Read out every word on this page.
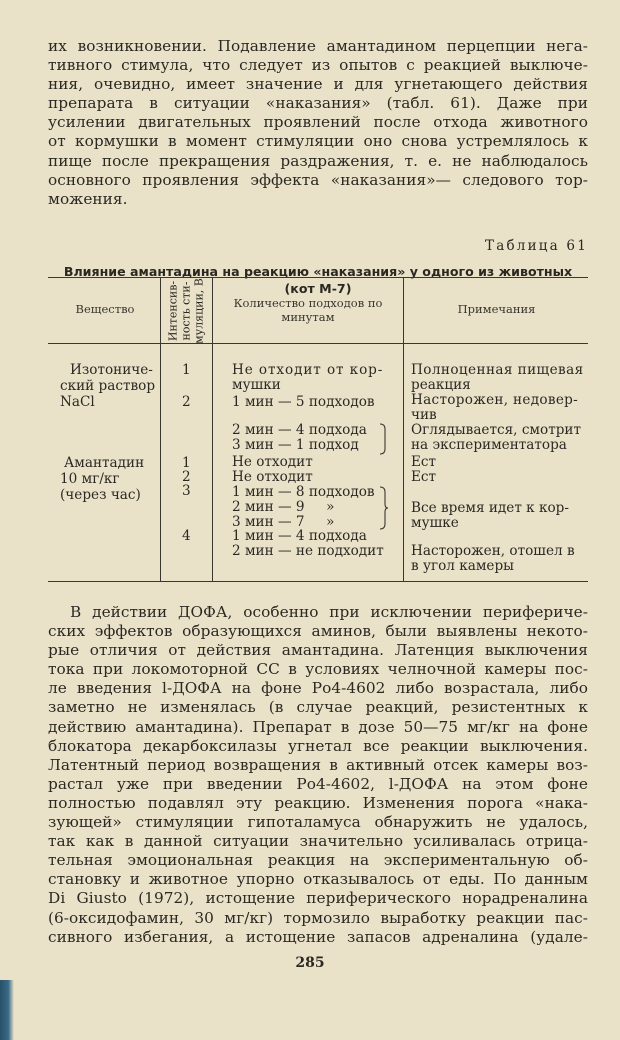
их возникновении. Подавление амантадином перцепции нега-
тивного стимула, что следует из опытов с реакцией выключе-
ния, очевидно, имеет значение и для угнетающего действия
препарата в ситуации «наказания» (табл. 61). Даже при
усилении двигательных проявлений после отхода животного
от кормушки в момент стимуляции оно снова устремлялось к
пище после прекращения раздражения, т. е. не наблюдалось
основного проявления эффекта «наказания»— следового тор-
можения.

Таблица 61

Влияние амантадина на реакцию «наказания» у одного из животных
(кот М-7)

Вещество	Интенсив-
ность сти-
муляции, В

Количество подходов по
минутам

Примечания

Изотониче-

ский раствор

NaCl

Амантадин

10 мг/кг

(через час)

1

2

1

2

3

4

Не отходит от кор-

мушки

1 мин — 5 подходов

2 мин — 4 подхода

3 мин — 1 подход

Не отходит

Не отходит

1 мин — 8 подходов

2 мин — 9     »

3 мин — 7     »

1 мин — 4 подхода

2 мин — не подходит

Полноценная пищевая

реакция

Насторожен, недовер-

чив

Оглядывается, смотрит

на экспериментатора

Ест

Ест

Все время идет к кор-

мушке

Насторожен, отошел в

в угол камеры

В действии ДОФА, особенно при исключении перифериче-
ских эффектов образующихся аминов, были выявлены некото-
рые отличия от действия амантадина. Латенция выключения
тока при локомоторной СС в условиях челночной камеры пос-
ле введения l-ДОФА на фоне Ро4-4602 либо возрастала, либо
заметно не изменялась (в случае реакций, резистентных к
действию амантадина). Препарат в дозе 50—75 мг/кг на фоне
блокатора декарбоксилазы угнетал все реакции выключения.
Латентный период возвращения в активный отсек камеры воз-
растал уже при введении Ро4-4602, l-ДОФА на этом фоне
полностью подавлял эту реакцию. Изменения порога «нака-
зующей» стимуляции гипоталамуса обнаружить не удалось,
так как в данной ситуации значительно усиливалась отрица-
тельная эмоциональная реакция на экспериментальную об-
становку и животное упорно отказывалось от еды. По данным
Di Giusto (1972), истощение периферического норадреналина
(6-оксидофамин, 30 мг/кг) тормозило выработку реакции пас-
сивного избегания, а истощение запасов адреналина (удале-

285
